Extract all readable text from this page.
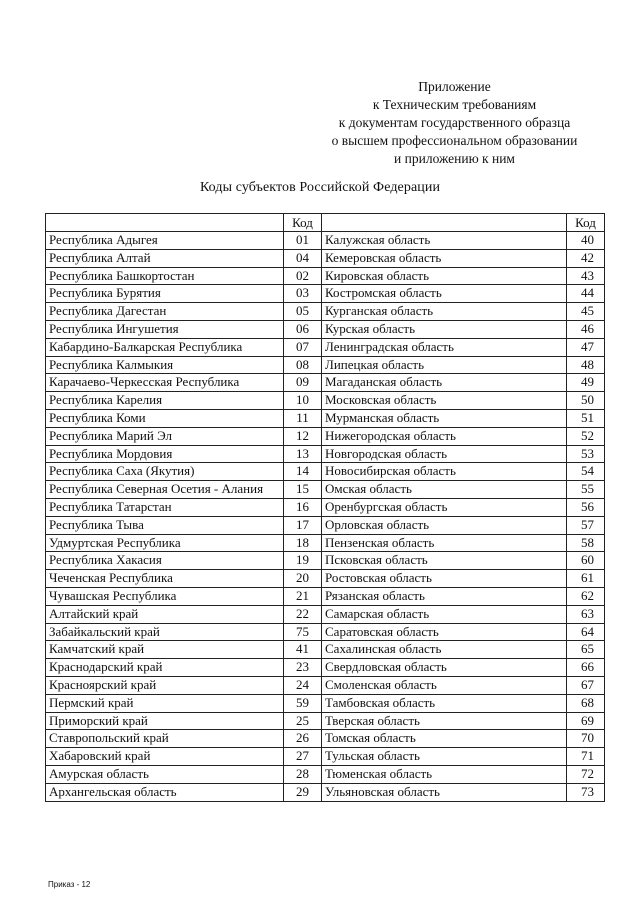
Приложение
к Техническим требованиям
к документам государственного образца
о высшем профессиональном образовании
и приложению к ним
Коды субъектов Российской Федерации
	Код		Код
Республика Адыгея	01	Калужская область	40
Республика Алтай	04	Кемеровская область	42
Республика Башкортостан	02	Кировская область	43
Республика Бурятия	03	Костромская область	44
Республика Дагестан	05	Курганская область	45
Республика Ингушетия	06	Курская область	46
Кабардино-Балкарская Республика	07	Ленинградская область	47
Республика Калмыкия	08	Липецкая область	48
Карачаево-Черкесская Республика	09	Магаданская область	49
Республика Карелия	10	Московская область	50
Республика Коми	11	Мурманская область	51
Республика Марий Эл	12	Нижегородская область	52
Республика Мордовия	13	Новгородская область	53
Республика Саха (Якутия)	14	Новосибирская область	54
Республика Северная Осетия - Алания	15	Омская область	55
Республика Татарстан	16	Оренбургская область	56
Республика Тыва	17	Орловская область	57
Удмуртская Республика	18	Пензенская область	58
Республика Хакасия	19	Псковская область	60
Чеченская Республика	20	Ростовская область	61
Чувашская Республика	21	Рязанская область	62
Алтайский край	22	Самарская область	63
Забайкальский край	75	Саратовская область	64
Камчатский край	41	Сахалинская область	65
Краснодарский край	23	Свердловская область	66
Красноярский край	24	Смоленская область	67
Пермский край	59	Тамбовская область	68
Приморский край	25	Тверская область	69
Ставропольский край	26	Томская область	70
Хабаровский край	27	Тульская область	71
Амурская область	28	Тюменская область	72
Архангельская область	29	Ульяновская область	73
Приказ - 12
